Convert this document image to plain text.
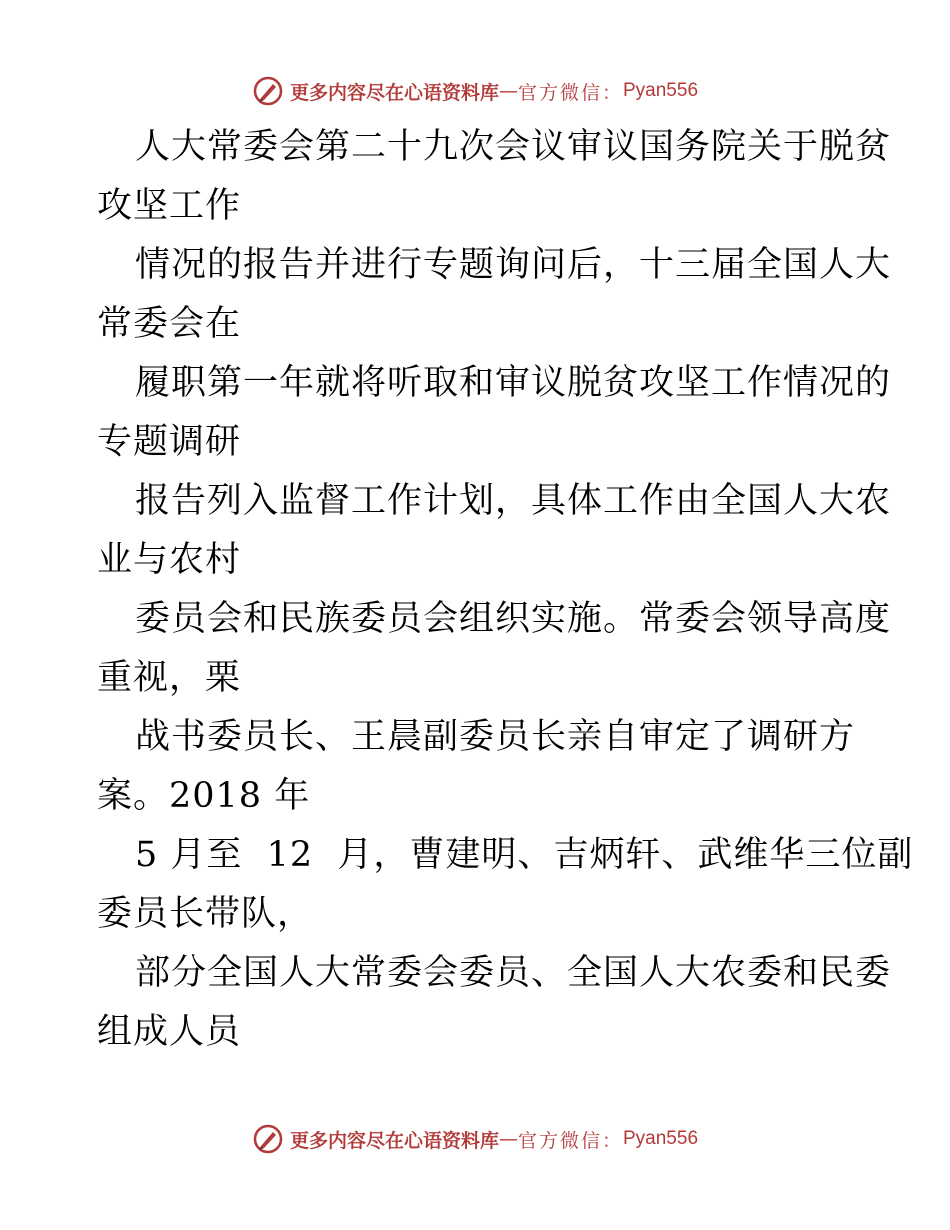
更多内容尽在心语资料库 — 官方微信： Pyan556
人大常委会第二十九次会议审议国务院关于脱贫
攻坚工作
情况的报告并进行专题询问后，十三届全国人大
常委会在
履职第一年就将听取和审议脱贫攻坚工作情况的
专题调研
报告列入监督工作计划，具体工作由全国人大农
业与农村
委员会和民族委员会组织实施。常委会领导高度
重视，栗
战书委员长、王晨副委员长亲自审定了调研方
案。2018 年
5 月至  12  月，曹建明、吉炳轩、武维华三位副
委员长带队，
部分全国人大常委会委员、全国人大农委和民委
组成人员
更多内容尽在心语资料库 — 官方微信： Pyan556
